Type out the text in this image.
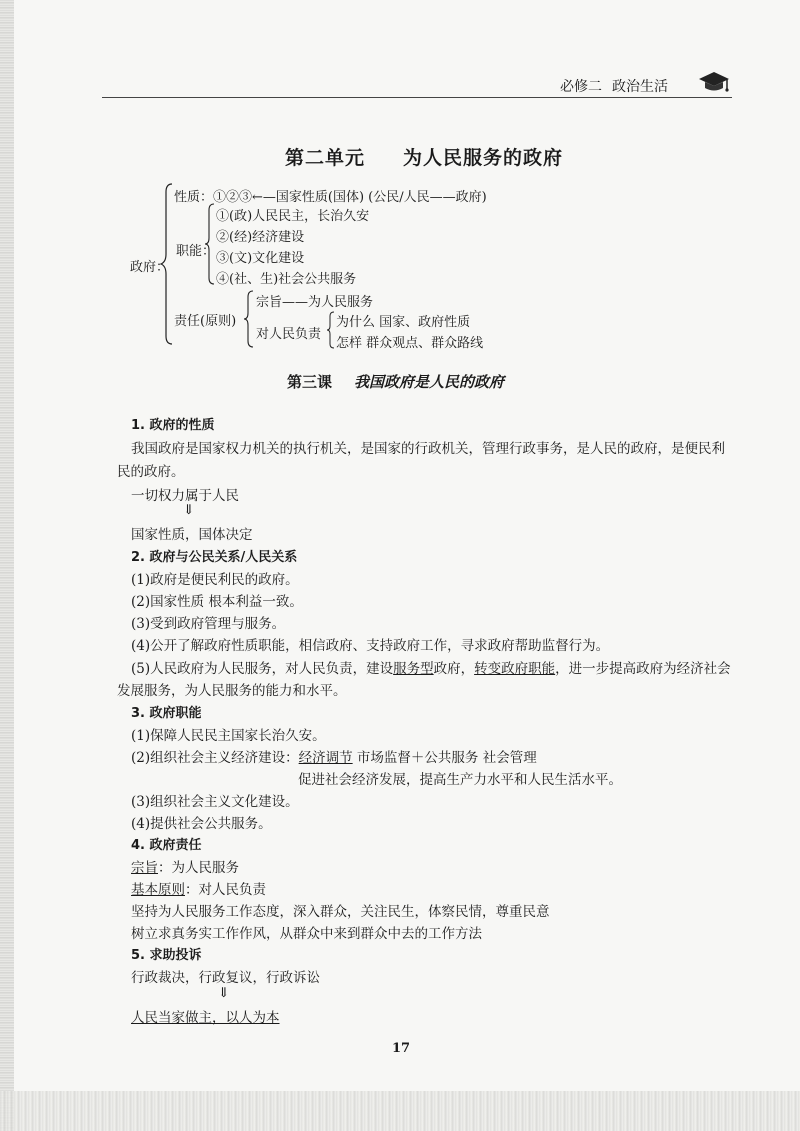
必修二 政治生活
第二单元 为人民服务的政府
政府：
性质：①②③←—国家性质(国体) (公民/人民——政府)
职能：
①(政)人民民主，长治久安
②(经)经济建设
③(文)文化建设
④(社、生)社会公共服务
责任(原则)
宗旨——为人民服务
对人民负责
为什么 国家、政府性质
怎样 群众观点、群众路线
第三课 我国政府是人民的政府
1. 政府的性质
我国政府是国家权力机关的执行机关，是国家的行政机关，管理行政事务，是人民的政府，是便民利
民的政府。
一切权力属于人民
⇓
国家性质，国体决定
2. 政府与公民关系/人民关系
(1)政府是便民利民的政府。
(2)国家性质 根本利益一致。
(3)受到政府管理与服务。
(4)公开了解政府性质职能，相信政府、支持政府工作，寻求政府帮助监督行为。
(5)人民政府为人民服务，对人民负责，建设服务型政府，转变政府职能，进一步提高政府为经济社会
发展服务，为人民服务的能力和水平。
3. 政府职能
(1)保障人民民主国家长治久安。
(2)组织社会主义经济建设：经济调节 市场监督＋公共服务 社会管理
促进社会经济发展，提高生产力水平和人民生活水平。
(3)组织社会主义文化建设。
(4)提供社会公共服务。
4. 政府责任
宗旨：为人民服务
基本原则：对人民负责
坚持为人民服务工作态度，深入群众，关注民生，体察民情，尊重民意
树立求真务实工作作风，从群众中来到群众中去的工作方法
5. 求助投诉
行政裁决，行政复议，行政诉讼
⇓
人民当家做主，以人为本
17
